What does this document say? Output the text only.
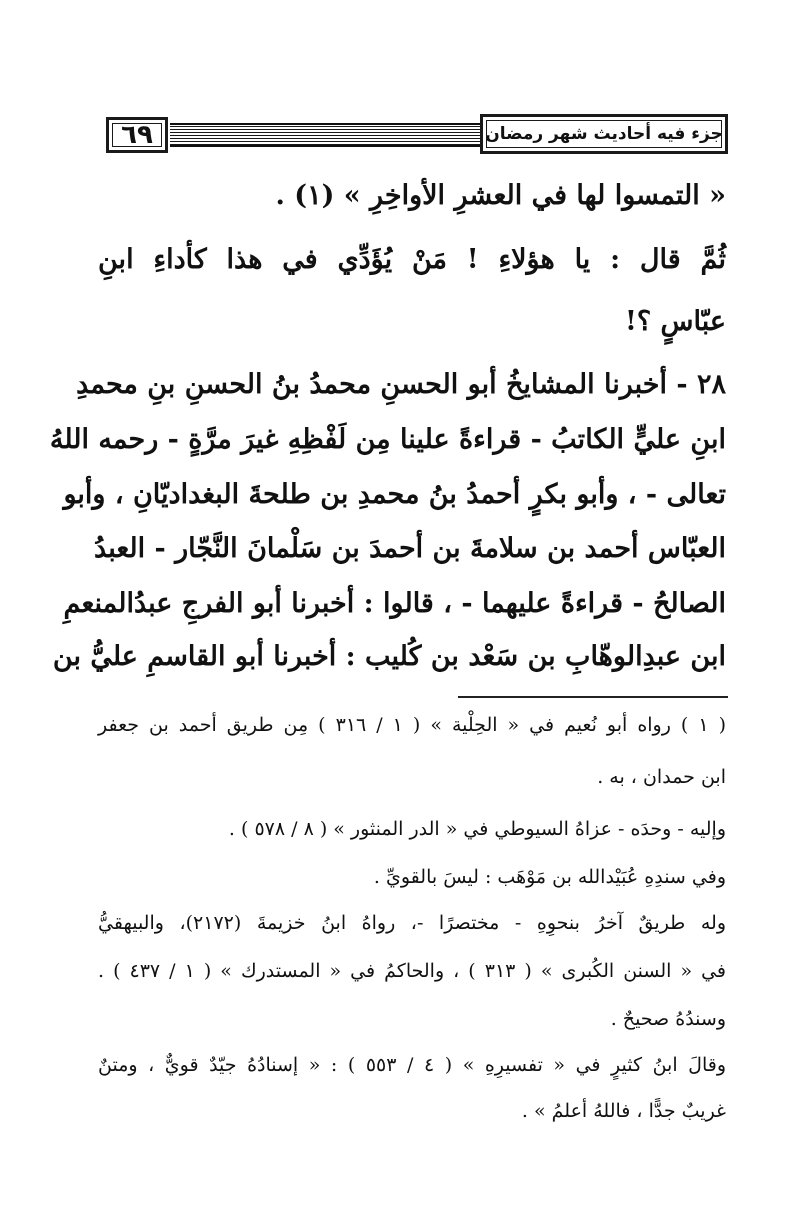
٦٩	جزء فيه أحاديث شهر رمضان

« التمسوا لها في العشرِ الأواخِرِ » (١) .

ثُمَّ قال : يا هؤلاءِ ! مَنْ يُؤَدِّي في هذا كأداءِ ابنِ

عبّاسٍ ؟!

٢٨ - أخبرنا المشايخُ أبو الحسنِ محمدُ بنُ الحسنِ بنِ محمدِ

ابنِ عليٍّ الكاتبُ - قراءةً علينا مِن لَفْظِهِ غيرَ مرَّةٍ - رحمه اللهُ

تعالى - ، وأبو بكرٍ أحمدُ بنُ محمدِ بن طلحةَ البغداديّانِ ، وأبو

العبّاس أحمد بن سلامةَ بن أحمدَ بن سَلْمانَ النَّجّار - العبدُ

الصالحُ - قراءةً عليهما - ، قالوا : أخبرنا أبو الفرجِ عبدُالمنعمِ

ابن عبدِالوهّابِ بن سَعْد بن كُليب : أخبرنا أبو القاسمِ عليُّ بن

( ١ ) رواه أبو نُعيم في « الحِلْية » ( ١ / ٣١٦ ) مِن طريق أحمد بن جعفر

ابن حمدان ، به .

وإليه - وحدَه - عزاهُ السيوطي في « الدر المنثور » ( ٨ / ٥٧٨ ) .

وفي سندِهِ عُبَيْدالله بن مَوْهَب : ليسَ بالقويِّ .

وله طريقٌ آخرُ بنحوِهِ - مختصرًا -، رواهُ ابنُ خزيمةَ (٢١٧٢)، والبيهقيُّ

في « السنن الكُبرى » ( ٣١٣ ) ، والحاكمُ في « المستدرك » ( ١ / ٤٣٧ ) .

وسندُهُ صحيحٌ .

وقالَ ابنُ كثيرٍ في « تفسيرِهِ » ( ٤ / ٥٥٣ ) : « إسنادُهُ جيّدٌ قويٌّ ، ومتنٌ

غريبٌ جدًّا ، فاللهُ أعلمُ » .
